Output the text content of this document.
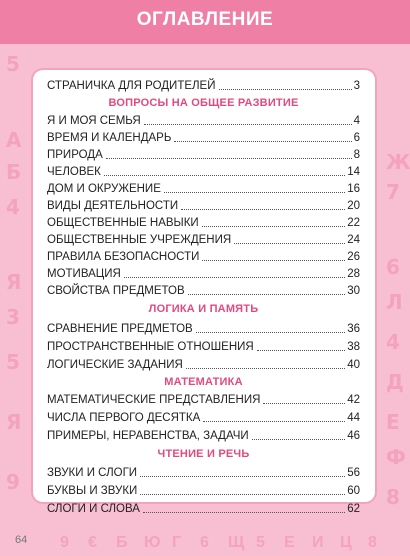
ОГЛАВЛЕНИЕ
5
А
Б
4
Я
3
5
Я
9
Ж
7
6
Л
4
Д
Е
Ф
8
СТРАНИЧКА ДЛЯ РОДИТЕЛЕЙ	3
ВОПРОСЫ НА ОБЩЕЕ РАЗВИТИЕ
Я И МОЯ СЕМЬЯ	4
ВРЕМЯ И КАЛЕНДАРЬ	6
ПРИРОДА	8
ЧЕЛОВЕК	14
ДОМ И ОКРУЖЕНИЕ	16
ВИДЫ ДЕЯТЕЛЬНОСТИ	20
ОБЩЕСТВЕННЫЕ НАВЫКИ	22
ОБЩЕСТВЕННЫЕ УЧРЕЖДЕНИЯ	24
ПРАВИЛА БЕЗОПАСНОСТИ	26
МОТИВАЦИЯ	28
СВОЙСТВА ПРЕДМЕТОВ	30
ЛОГИКА И ПАМЯТЬ
СРАВНЕНИЕ ПРЕДМЕТОВ	36
ПРОСТРАНСТВЕННЫЕ ОТНОШЕНИЯ	38
ЛОГИЧЕСКИЕ ЗАДАНИЯ	40
МАТЕМАТИКА
МАТЕМАТИЧЕСКИЕ ПРЕДСТАВЛЕНИЯ	42
ЧИСЛА ПЕРВОГО ДЕСЯТКА	44
ПРИМЕРЫ, НЕРАВЕНСТВА, ЗАДАЧИ	46
ЧТЕНИЕ И РЕЧЬ
ЗВУКИ И СЛОГИ	56
БУКВЫ И ЗВУКИ	60
СЛОГИ И СЛОВА	62
64 9 € Б Ю Г 6 Щ 5 Е И Ц 8
